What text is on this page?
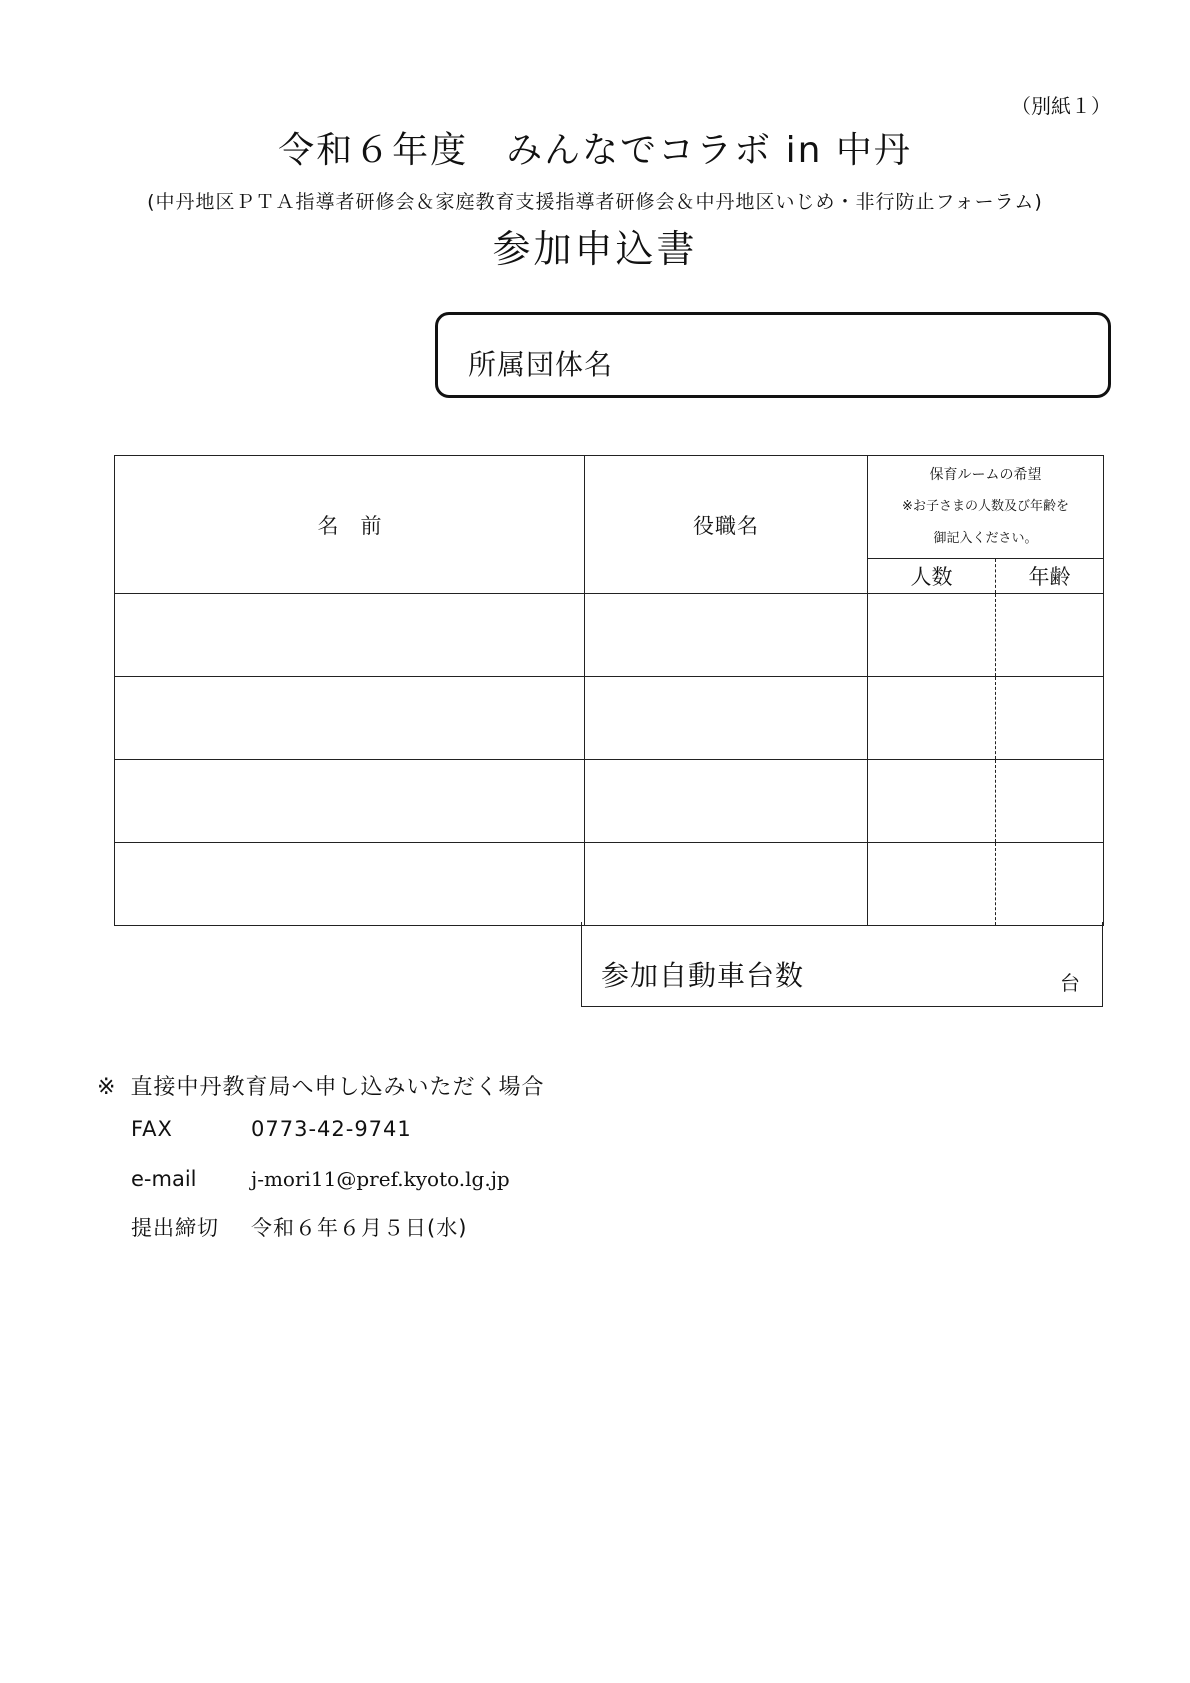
（別紙１）
令和６年度　みんなでコラボ in 中丹
(中丹地区ＰＴＡ指導者研修会＆家庭教育支援指導者研修会＆中丹地区いじめ・非行防止フォーラム)
参加申込書
所属団体名
名前	役職名	保育ルームの希望
※お子さまの人数及び年齢を
御記入ください。	

		人数	年齢

参加自動車台数	台
※ 直接中丹教育局へ申し込みいただく場合
FAX	0773-42-9741
e-mail	j-mori11@pref.kyoto.lg.jp
提出締切 令和６年６月５日(水)
